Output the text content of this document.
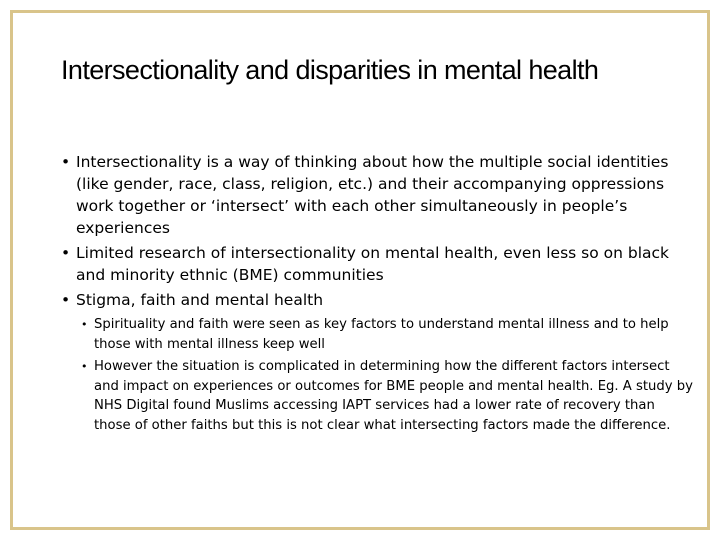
Intersectionality and disparities in mental health
• Intersectionality is a way of thinking about how the multiple social identities (like gender, race, class, religion, etc.) and their accompanying oppressions work together or ‘intersect’ with each other simultaneously in people’s experiences
• Limited research of intersectionality on mental health, even less so on black and minority ethnic (BME) communities
• Stigma, faith and mental health
• Spirituality and faith were seen as key factors to understand mental illness and to help those with mental illness keep well
• However the situation is complicated in determining how the different factors intersect and impact on experiences or outcomes for BME people and mental health. Eg. A study by NHS Digital found Muslims accessing IAPT services had a lower rate of recovery than those of other faiths but this is not clear what intersecting factors made the difference.
